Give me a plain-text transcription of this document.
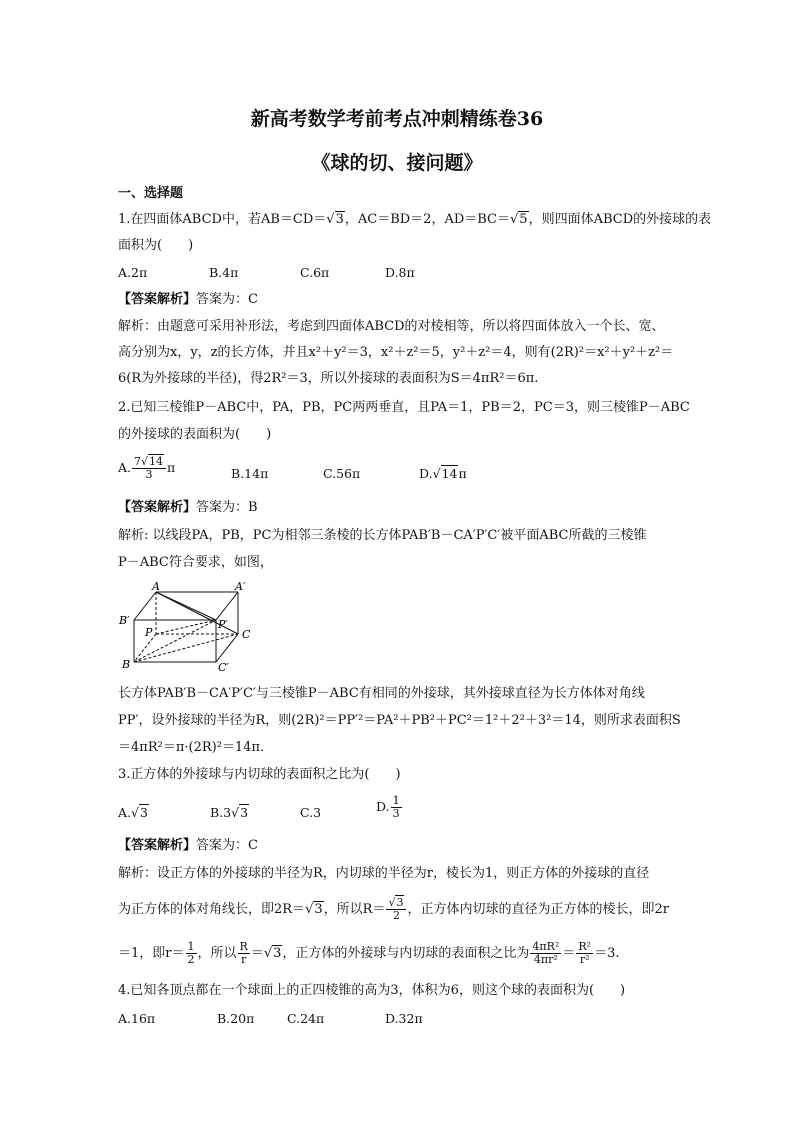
新高考数学考前考点冲刺精练卷36
《球的切、接问题》
一、选择题
1.在四面体ABCD中，若AB＝CD＝√3，AC＝BD＝2，AD＝BC＝√5，则四面体ABCD的外接球的表
面积为(　　)
A.2π	B.4π	C.6π	D.8π
【答案解析】答案为：C
解析：由题意可采用补形法，考虑到四面体ABCD的对棱相等，所以将四面体放入一个长、宽、
高分别为x，y，z的长方体，并且x²＋y²＝3，x²＋z²＝5，y²＋z²＝4，则有(2R)²＝x²＋y²＋z²＝
6(R为外接球的半径)，得2R²＝3，所以外接球的表面积为S＝4πR²＝6π.
2.已知三棱锥P－ABC中，PA，PB，PC两两垂直，且PA＝1，PB＝2，PC＝3，则三棱锥P－ABC
的外接球的表面积为(　　)
A. $\frac{7√14}{3}$ π	B.14π	C.56π	D.√14π
【答案解析】答案为：B
解析: 以线段PA，PB，PC为相邻三条棱的长方体PAB′B－CA′P′C′被平面ABC所截的三棱锥
P－ABC符合要求，如图，
A	A′
B′
P
P′
C
B	C′
长方体PAB′B－CA′P′C′与三棱锥P－ABC有相同的外接球，其外接球直径为长方体体对角线
PP′，设外接球的半径为R，则(2R)²＝PP′²＝PA²＋PB²＋PC²＝1²＋2²＋3²＝14，则所求表面积S
＝4πR²＝π·(2R)²＝14π.
3.正方体的外接球与内切球的表面积之比为(　　)
A.√3	B.3√3	C.3	D. $\frac{1}{3}$
【答案解析】答案为：C
解析：设正方体的外接球的半径为R，内切球的半径为r，棱长为1，则正方体的外接球的直径
为正方体的体对角线长，即2R＝√3，所以$R= \frac{√3}{2}$ ，正方体内切球的直径为正方体的棱长，即2r
＝1，即$r= \frac{1}{2}$ ，所以 $\frac{R}{r} =√3$，正方体的外接球与内切球的表面积之比为 $\frac{\text{4πR²}}{\text{4πr²}} = \frac{\text{R²}}{\text{r²}} =3$.
4.已知各顶点都在一个球面上的正四棱锥的高为3，体积为6，则这个球的表面积为(　　)
A.16π	B.20π	C.24π	D.32π
